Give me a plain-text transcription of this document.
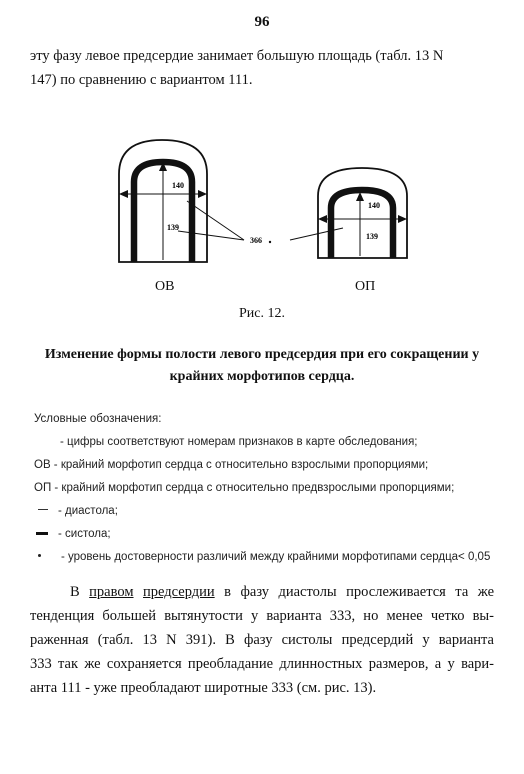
96
эту фазу левое предсердие занимает большую площадь (табл. 13 N
147) по сравнению с вариантом 111.
140
139
140
139
366
ОВ	ОП
Рис. 12.
Изменение формы полости левого предсердия при его сокращении у
крайних морфотипов сердца.
Условные обозначения:
- цифры соответствуют номерам признаков в карте обследования;
ОВ - крайний морфотип сердца с относительно взрослыми пропорциями;
ОП - крайний морфотип сердца с относительно предвзрослыми пропорциями;
- диастола;
- систола;
- уровень достоверности различий между крайними морфотипами сердца< 0,05
В правом предсердии в фазу диастолы прослеживается та же
тенденция большей вытянутости у варианта 333, но менее четко вы-
раженная (табл. 13 N 391). В фазу систолы предсердий у варианта
333 так же сохраняется преобладание длинностных размеров, а у вари-
анта 111 - уже преобладают широтные 333 (см. рис. 13).
